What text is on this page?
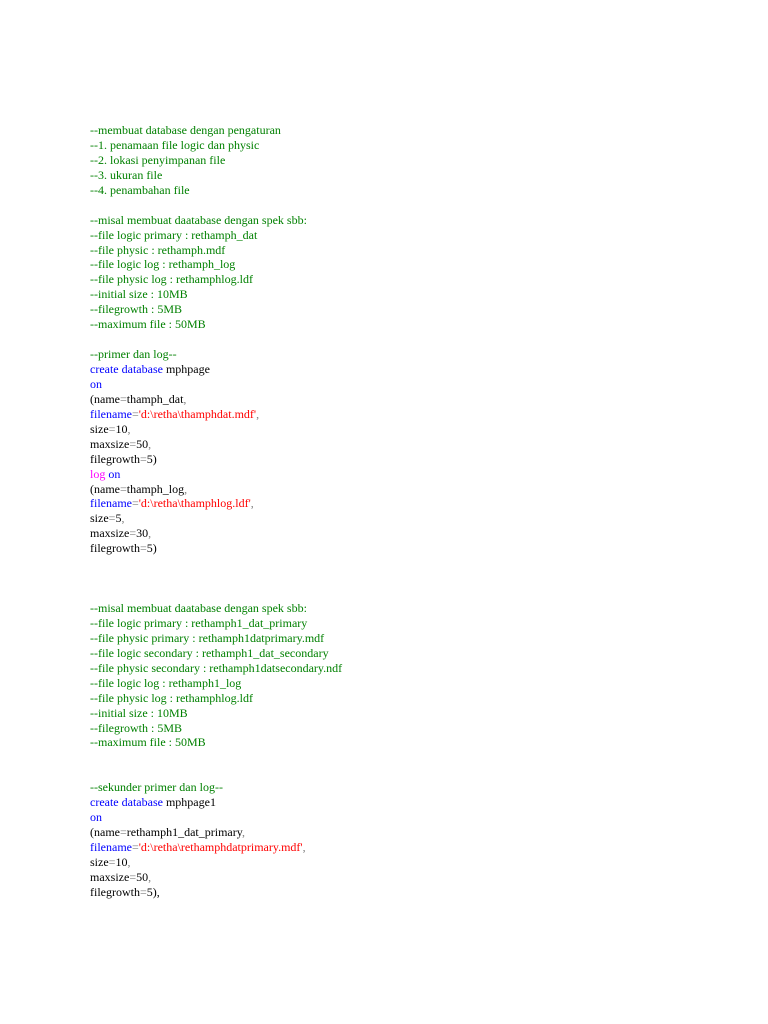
--membuat database dengan pengaturan
--1. penamaan file logic dan physic
--2. lokasi penyimpanan file
--3. ukuran file
--4. penambahan file
--misal membuat daatabase dengan spek sbb:
--file logic primary : rethamph_dat
--file physic : rethamph.mdf
--file logic log : rethamph_log
--file physic log : rethamphlog.ldf
--initial size : 10MB
--filegrowth : 5MB
--maximum file : 50MB
--primer dan log--
create database mphpage
on
(name=thamph_dat,
filename='d:\retha\thamphdat.mdf',
size=10,
maxsize=50,
filegrowth=5)
log on
(name=thamph_log,
filename='d:\retha\thamphlog.ldf',
size=5,
maxsize=30,
filegrowth=5)
--misal membuat daatabase dengan spek sbb:
--file logic primary : rethamph1_dat_primary
--file physic primary : rethamph1datprimary.mdf
--file logic secondary : rethamph1_dat_secondary
--file physic secondary : rethamph1datsecondary.ndf
--file logic log : rethamph1_log
--file physic log : rethamphlog.ldf
--initial size : 10MB
--filegrowth : 5MB
--maximum file : 50MB
--sekunder primer dan log--
create database mphpage1
on
(name=rethamph1_dat_primary,
filename='d:\retha\rethamphdatprimary.mdf',
size=10,
maxsize=50,
filegrowth=5),
